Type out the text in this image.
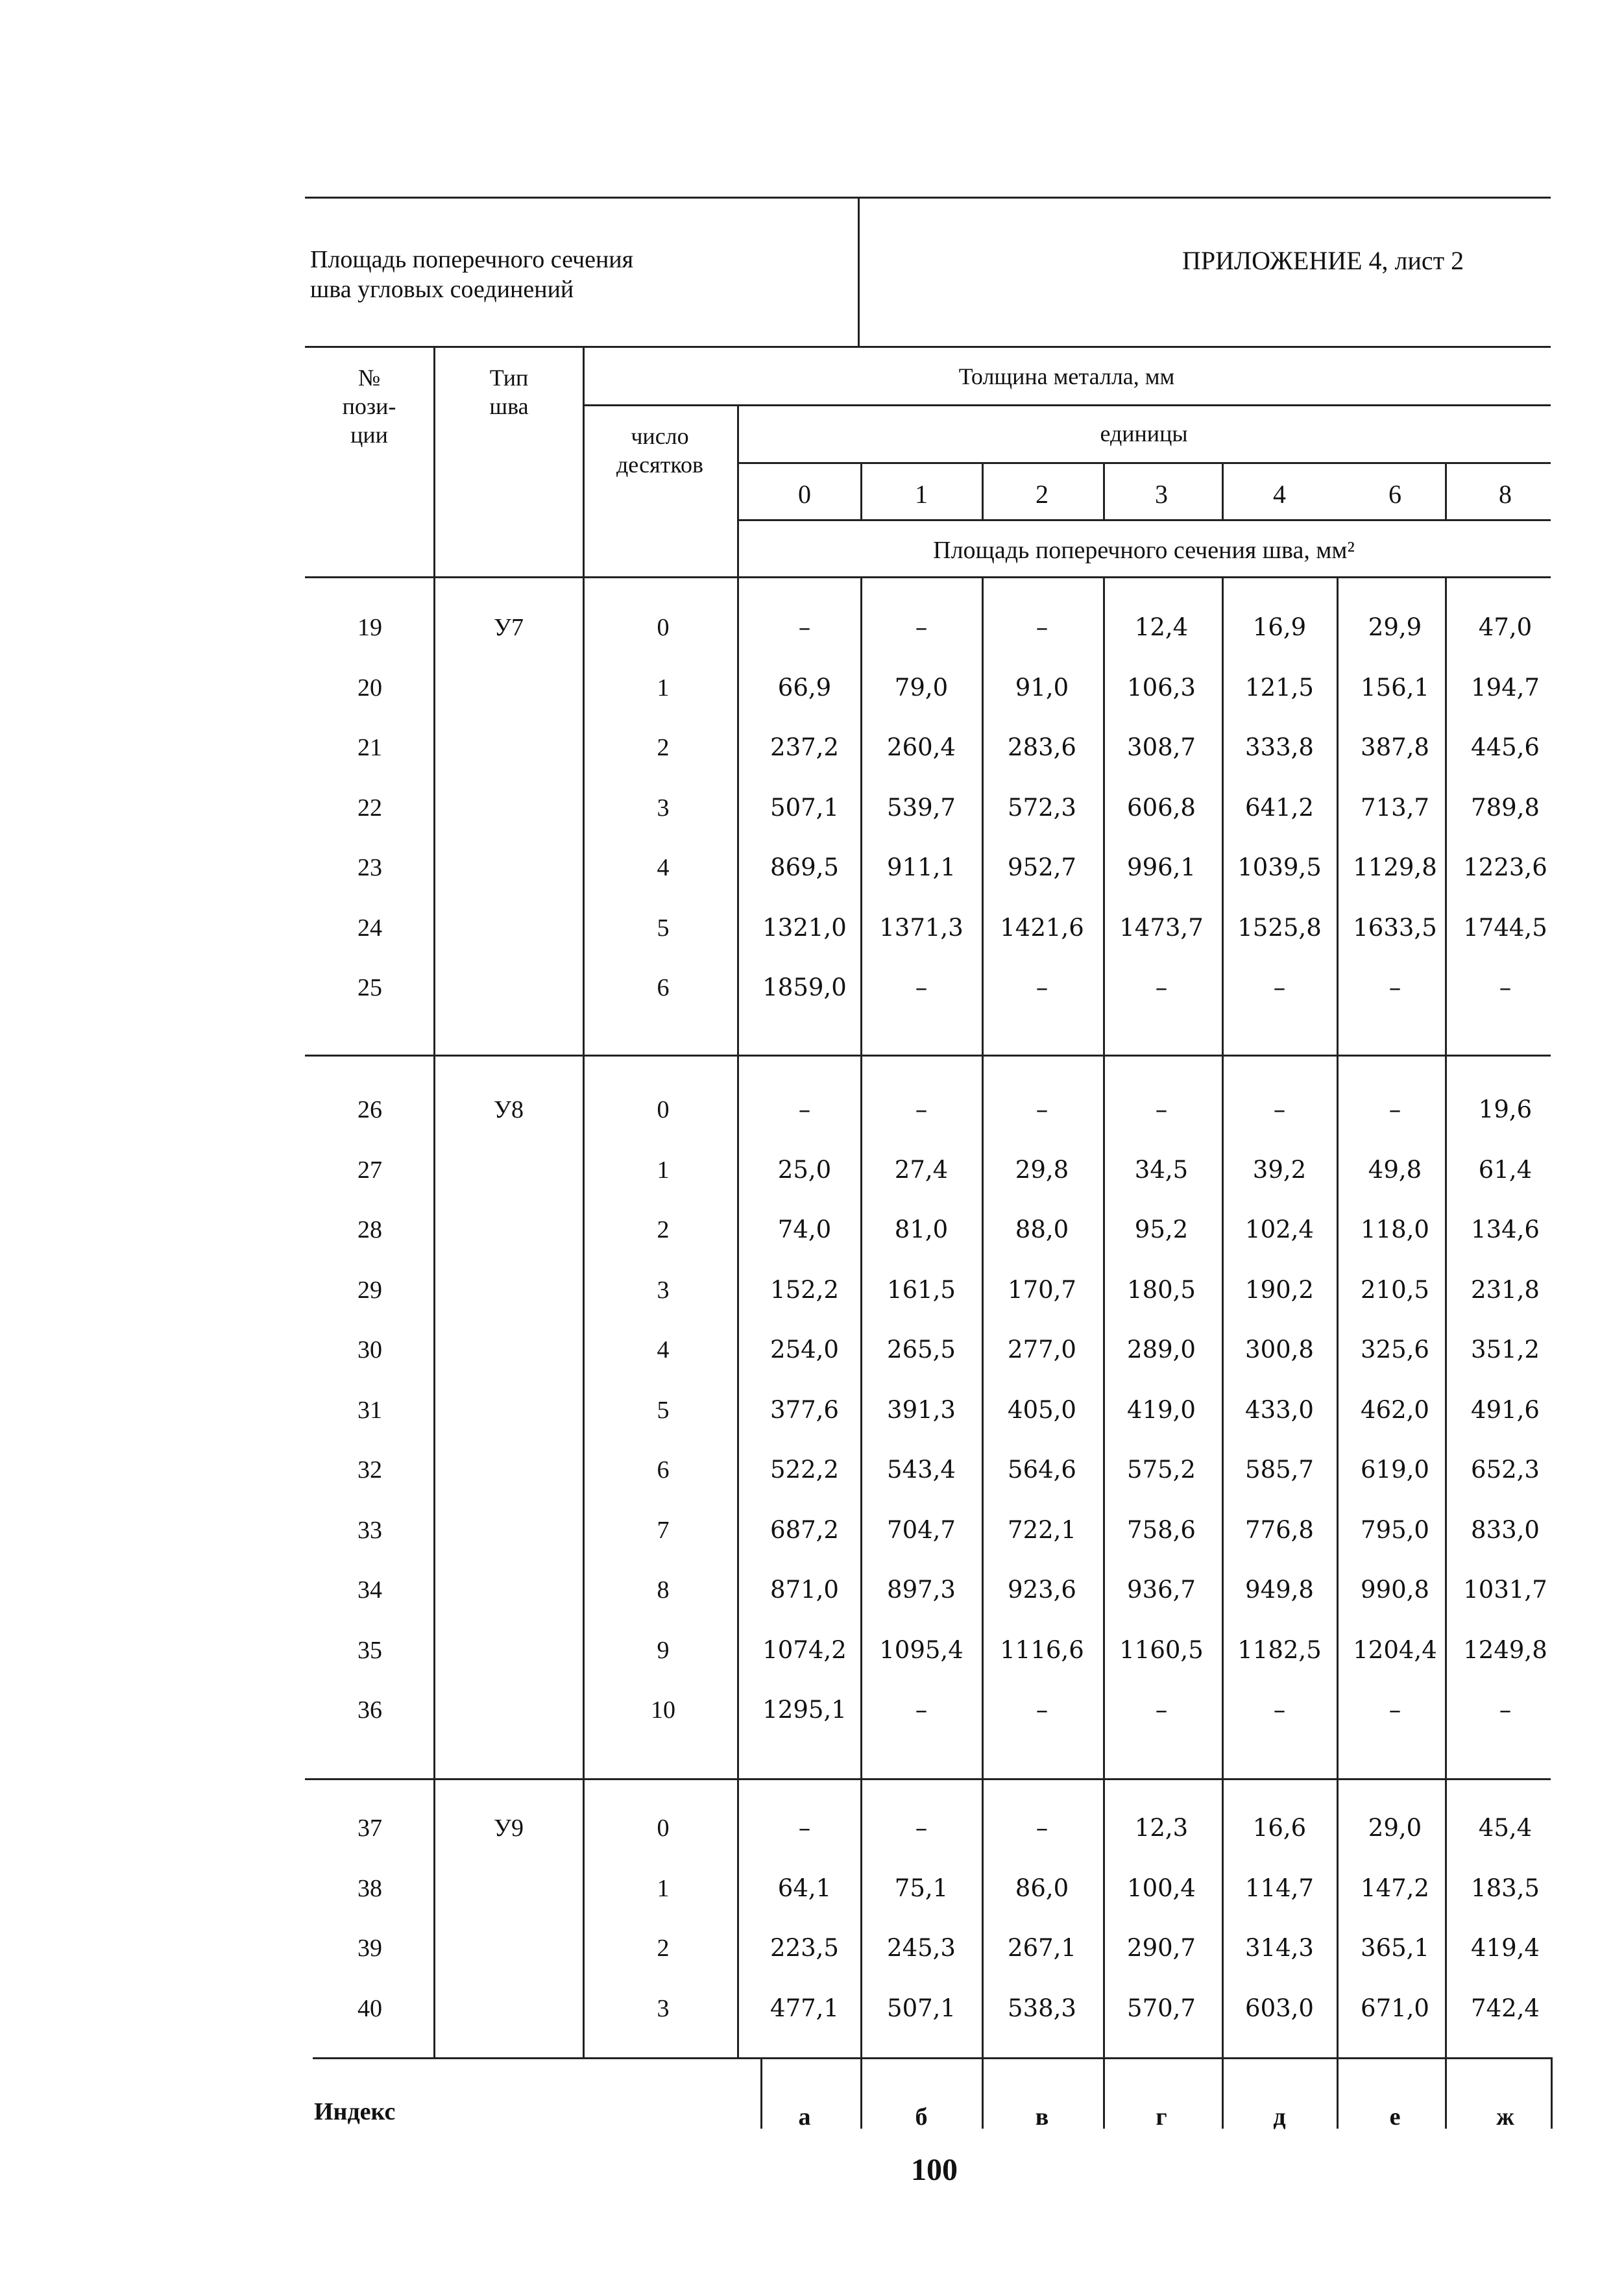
Площадь поперечного сечения
шва угловых соединений
ПРИЛОЖЕНИЕ 4, лист 2
№
пози-
ции
Тип
шва
Толщина металла, мм
число
десятков
единицы
0	1	2	3	4	6	8
Площадь поперечного сечения шва, мм²
У7
19	0	–	–	–	12,4	16,9	29,9	47,0
20	1	66,9	79,0	91,0	106,3	121,5	156,1	194,7
21	2	237,2	260,4	283,6	308,7	333,8	387,8	445,6
22	3	507,1	539,7	572,3	606,8	641,2	713,7	789,8
23	4	869,5	911,1	952,7	996,1	1039,5	1129,8	1223,6
24	5	1321,0	1371,3	1421,6	1473,7	1525,8	1633,5	1744,5
25	6	1859,0	–	–	–	–	–	–
У8
26	0	–	–	–	–	–	–	19,6
27	1	25,0	27,4	29,8	34,5	39,2	49,8	61,4
28	2	74,0	81,0	88,0	95,2	102,4	118,0	134,6
29	3	152,2	161,5	170,7	180,5	190,2	210,5	231,8
30	4	254,0	265,5	277,0	289,0	300,8	325,6	351,2
31	5	377,6	391,3	405,0	419,0	433,0	462,0	491,6
32	6	522,2	543,4	564,6	575,2	585,7	619,0	652,3
33	7	687,2	704,7	722,1	758,6	776,8	795,0	833,0
34	8	871,0	897,3	923,6	936,7	949,8	990,8	1031,7
35	9	1074,2	1095,4	1116,6	1160,5	1182,5	1204,4	1249,8
36	10	1295,1	–	–	–	–	–	–
У9
37	0	–	–	–	12,3	16,6	29,0	45,4
38	1	64,1	75,1	86,0	100,4	114,7	147,2	183,5
39	2	223,5	245,3	267,1	290,7	314,3	365,1	419,4
40	3	477,1	507,1	538,3	570,7	603,0	671,0	742,4
Индекс	а	б	в	г	д	е	ж
100
